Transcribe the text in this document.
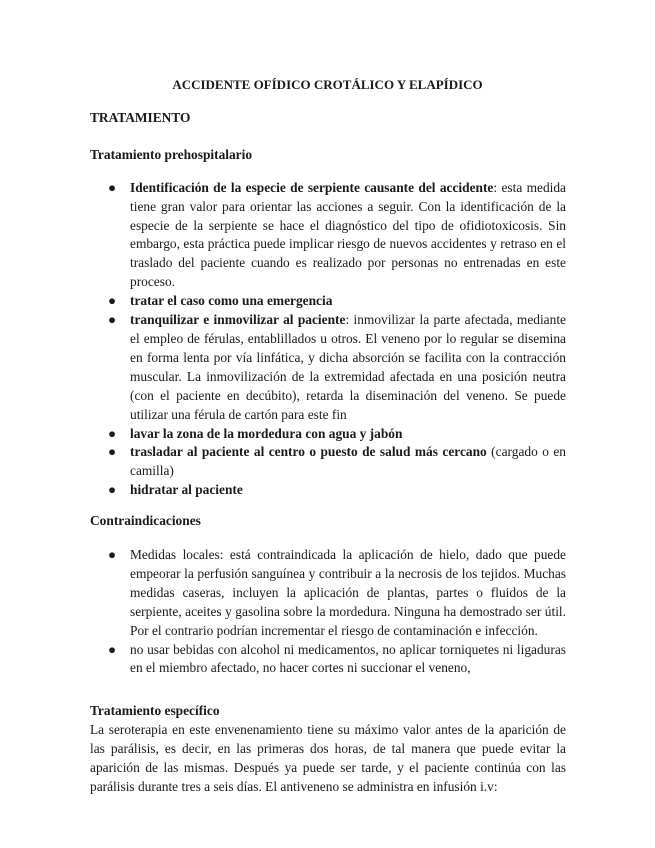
ACCIDENTE OFÍDICO CROTÁLICO Y ELAPÍDICO
TRATAMIENTO
Tratamiento prehospitalario
● Identificación de la especie de serpiente causante del accidente: esta medida tiene gran valor para orientar las acciones a seguir. Con la identificación de la especie de la serpiente se hace el diagnóstico del tipo de ofidiotoxicosis. Sin embargo, esta práctica puede implicar riesgo de nuevos accidentes y retraso en el traslado del paciente cuando es realizado por personas no entrenadas en este proceso.
● tratar el caso como una emergencia
● tranquilizar e inmovilizar al paciente: inmovilizar la parte afectada, mediante el empleo de férulas, entablillados u otros. El veneno por lo regular se disemina en forma lenta por vía linfática, y dicha absorción se facilita con la contracción muscular. La inmovilización de la extremidad afectada en una posición neutra (con el paciente en decúbito), retarda la diseminación del veneno. Se puede utilizar una férula de cartón para este fin
● lavar la zona de la mordedura con agua y jabón
● trasladar al paciente al centro o puesto de salud más cercano (cargado o en camilla)
● hidratar al paciente
Contraindicaciones
● Medidas locales: está contraindicada la aplicación de hielo, dado que puede empeorar la perfusión sanguínea y contribuir a la necrosis de los tejidos. Muchas medidas caseras, incluyen la aplicación de plantas, partes o fluidos de la serpiente, aceites y gasolina sobre la mordedura. Ninguna ha demostrado ser útil. Por el contrario podrían incrementar el riesgo de contaminación e infección.
● no usar bebidas con alcohol ni medicamentos, no aplicar torniquetes ni ligaduras en el miembro afectado, no hacer cortes ni succionar el veneno,
Tratamiento específico
La seroterapia en este envenenamiento tiene su máximo valor antes de la aparición de las parálisis, es decir, en las primeras dos horas, de tal manera que puede evitar la aparición de las mismas. Después ya puede ser tarde, y el paciente continúa con las parálisis durante tres a seis días. El antiveneno se administra en infusión i.v:
